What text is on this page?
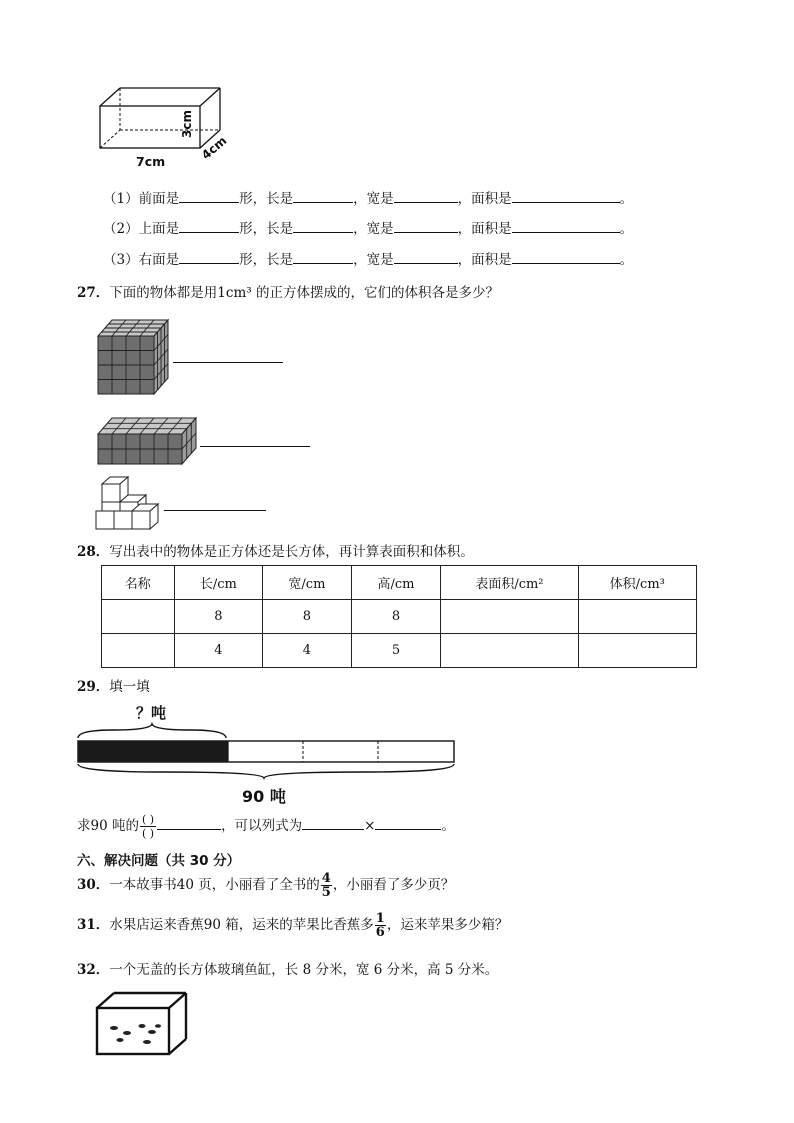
3cm
4cm
7cm
（1）前面是	形，长是	，宽是	，面积是	。
（2）上面是	形，长是	，宽是	，面积是	。
（3）右面是	形，长是	，宽是	，面积是	。
27．下面的物体都是用1cm³ 的正方体摆成的，它们的体积各是多少？
28．写出表中的物体是正方体还是长方体，再计算表面积和体积。
名称	长/cm	宽/cm	高/cm	表面积/cm²	体积/cm³
	8	8	8		
	4	4	5		
29．填一填
？吨
90 吨
求90 吨的 $\frac{( )}{( )}$	，可以列式为	×	。
六、解决问题（共 30 分）
30．一本故事书40 页，小丽看了全书的 $\frac{4}{5}$ ，小丽看了多少页？
31．水果店运来香蕉90 箱，运来的苹果比香蕉多 $\frac{1}{6}$ ，运来苹果多少箱？
32．一个无盖的长方体玻璃鱼缸，长 8 分米，宽 6 分米，高 5 分米。
